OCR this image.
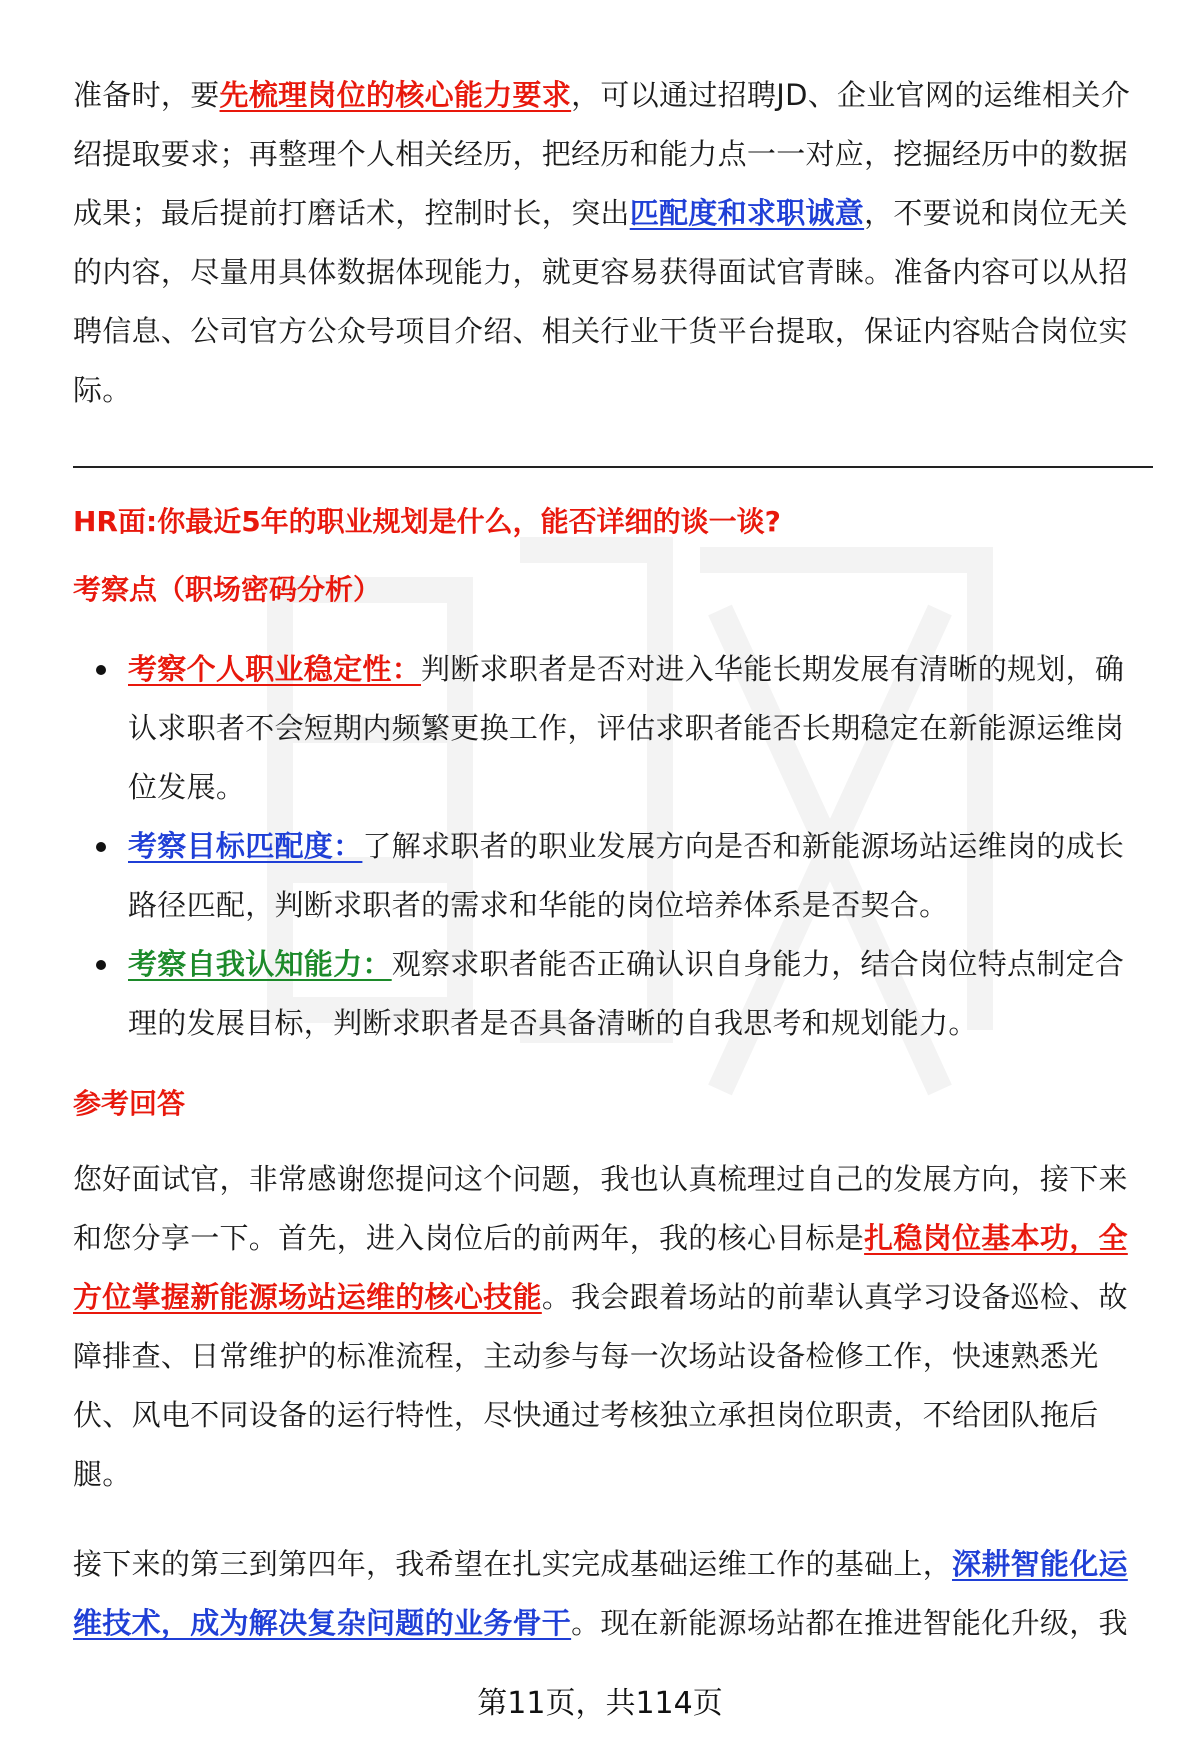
准备时，要先梳理岗位的核心能力要求，可以通过招聘JD、企业官网的运维相关介绍提取要求；再整理个人相关经历，把经历和能力点一一对应，挖掘经历中的数据成果；最后提前打磨话术，控制时长，突出匹配度和求职诚意，不要说和岗位无关的内容，尽量用具体数据体现能力，就更容易获得面试官青睐。准备内容可以从招聘信息、公司官方公众号项目介绍、相关行业干货平台提取，保证内容贴合岗位实际。

HR面:你最近5年的职业规划是什么，能否详细的谈一谈?

考察点（职场密码分析）

考察个人职业稳定性：判断求职者是否对进入华能长期发展有清晰的规划，确认求职者不会短期内频繁更换工作，评估求职者能否长期稳定在新能源运维岗位发展。
考察目标匹配度：了解求职者的职业发展方向是否和新能源场站运维岗的成长路径匹配，判断求职者的需求和华能的岗位培养体系是否契合。
考察自我认知能力：观察求职者能否正确认识自身能力，结合岗位特点制定合理的发展目标，判断求职者是否具备清晰的自我思考和规划能力。

参考回答

您好面试官，非常感谢您提问这个问题，我也认真梳理过自己的发展方向，接下来和您分享一下。首先，进入岗位后的前两年，我的核心目标是扎稳岗位基本功，全方位掌握新能源场站运维的核心技能。我会跟着场站的前辈认真学习设备巡检、故障排查、日常维护的标准流程，主动参与每一次场站设备检修工作，快速熟悉光伏、风电不同设备的运行特性，尽快通过考核独立承担岗位职责，不给团队拖后腿。

接下来的第三到第四年，我希望在扎实完成基础运维工作的基础上，深耕智能化运维技术，成为解决复杂问题的业务骨干。现在新能源场站都在推进智能化升级，我

第11页，共114页
